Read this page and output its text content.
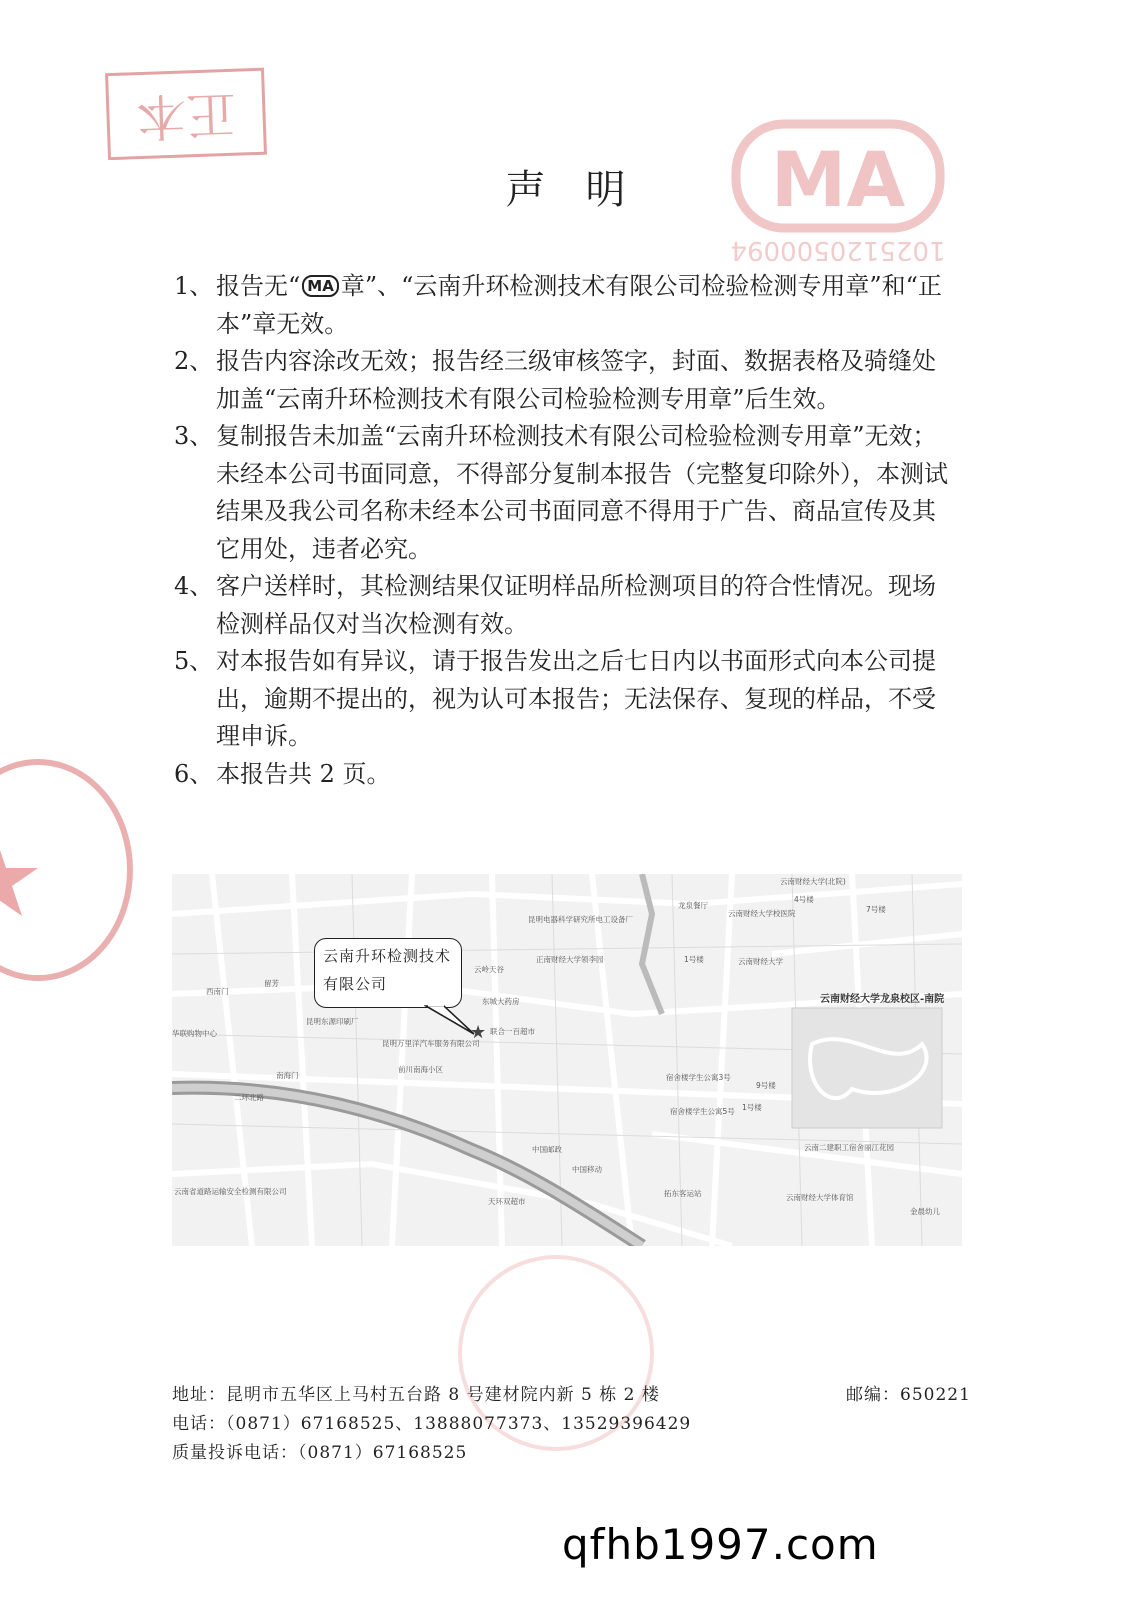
正本
MA
1025120500094
声明
1、 报告无“ MA 章”、“云南升环检测技术有限公司检验检测专用章”和“正本”章无效。
2、 报告内容涂改无效；报告经三级审核签字，封面、数据表格及骑缝处加盖“云南升环检测技术有限公司检验检测专用章”后生效。
3、 复制报告未加盖“云南升环检测技术有限公司检验检测专用章”无效；未经本公司书面同意，不得部分复制本报告（完整复印除外），本测试结果及我公司名称未经本公司书面同意不得用于广告、商品宣传及其它用处，违者必究。
4、 客户送样时，其检测结果仅证明样品所检测项目的符合性情况。现场检测样品仅对当次检测有效。
5、 对本报告如有异议，请于报告发出之后七日内以书面形式向本公司提出，逾期不提出的，视为认可本报告；无法保存、复现的样品，不受理申诉。
6、 本报告共 2 页。
昆明电器科学研究所电工设备厂
龙泉餐厅
云南财经大学(北院)
云南财经大学校医院
正南财经大学领李园
云岭天谷
东城大药房
联合一百超市
1号楼	云南财经大学
云南财经大学龙泉校区-南院
西南门
留芳
昆明东源印刷厂
昆明万里洋汽车服务有限公司
华联购物中心
南海门
前川南海小区
二环北路
宿舍楼学生公寓3号
宿舍楼学生公寓5号
9号楼
1号楼
云南二建职工宿舍丽江花园
中国邮政
中国移动
天环双超市
拓东客运站	云南财经大学体育馆
金晨幼儿
云南省道路运输安全检测有限公司
7号楼
4号楼
云南升环检测技术有限公司
★
地址：昆明市五华区上马村五台路 8 号建材院内新 5 栋 2 楼	邮编：650221
电话：（0871）67168525、13888077373、13529396429
质量投诉电话：（0871）67168525
qfhb1997.com
